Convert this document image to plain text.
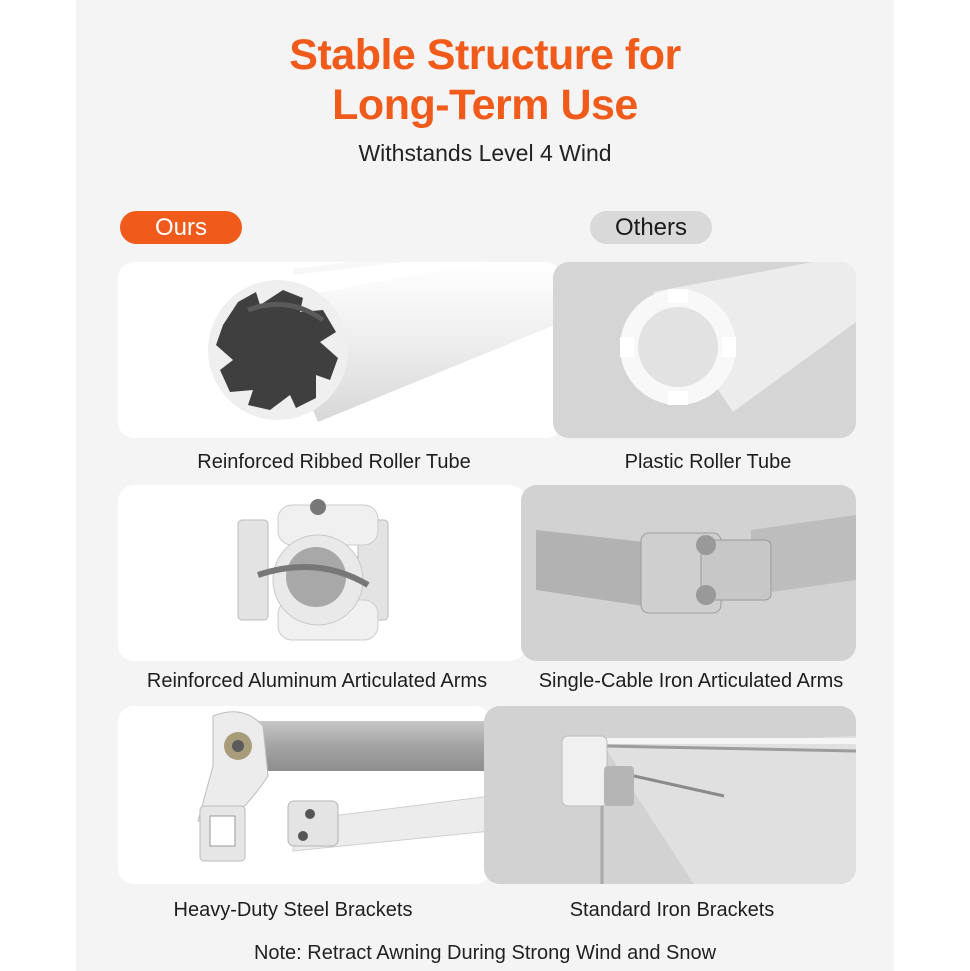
Stable Structure for
Long-Term Use
Withstands Level 4 Wind
Ours	Others
Reinforced Ribbed Roller Tube	Plastic Roller Tube
Reinforced Aluminum Articulated Arms	Single-Cable Iron Articulated Arms
Heavy-Duty Steel Brackets	Standard Iron Brackets
Note: Retract Awning During Strong Wind and Snow
